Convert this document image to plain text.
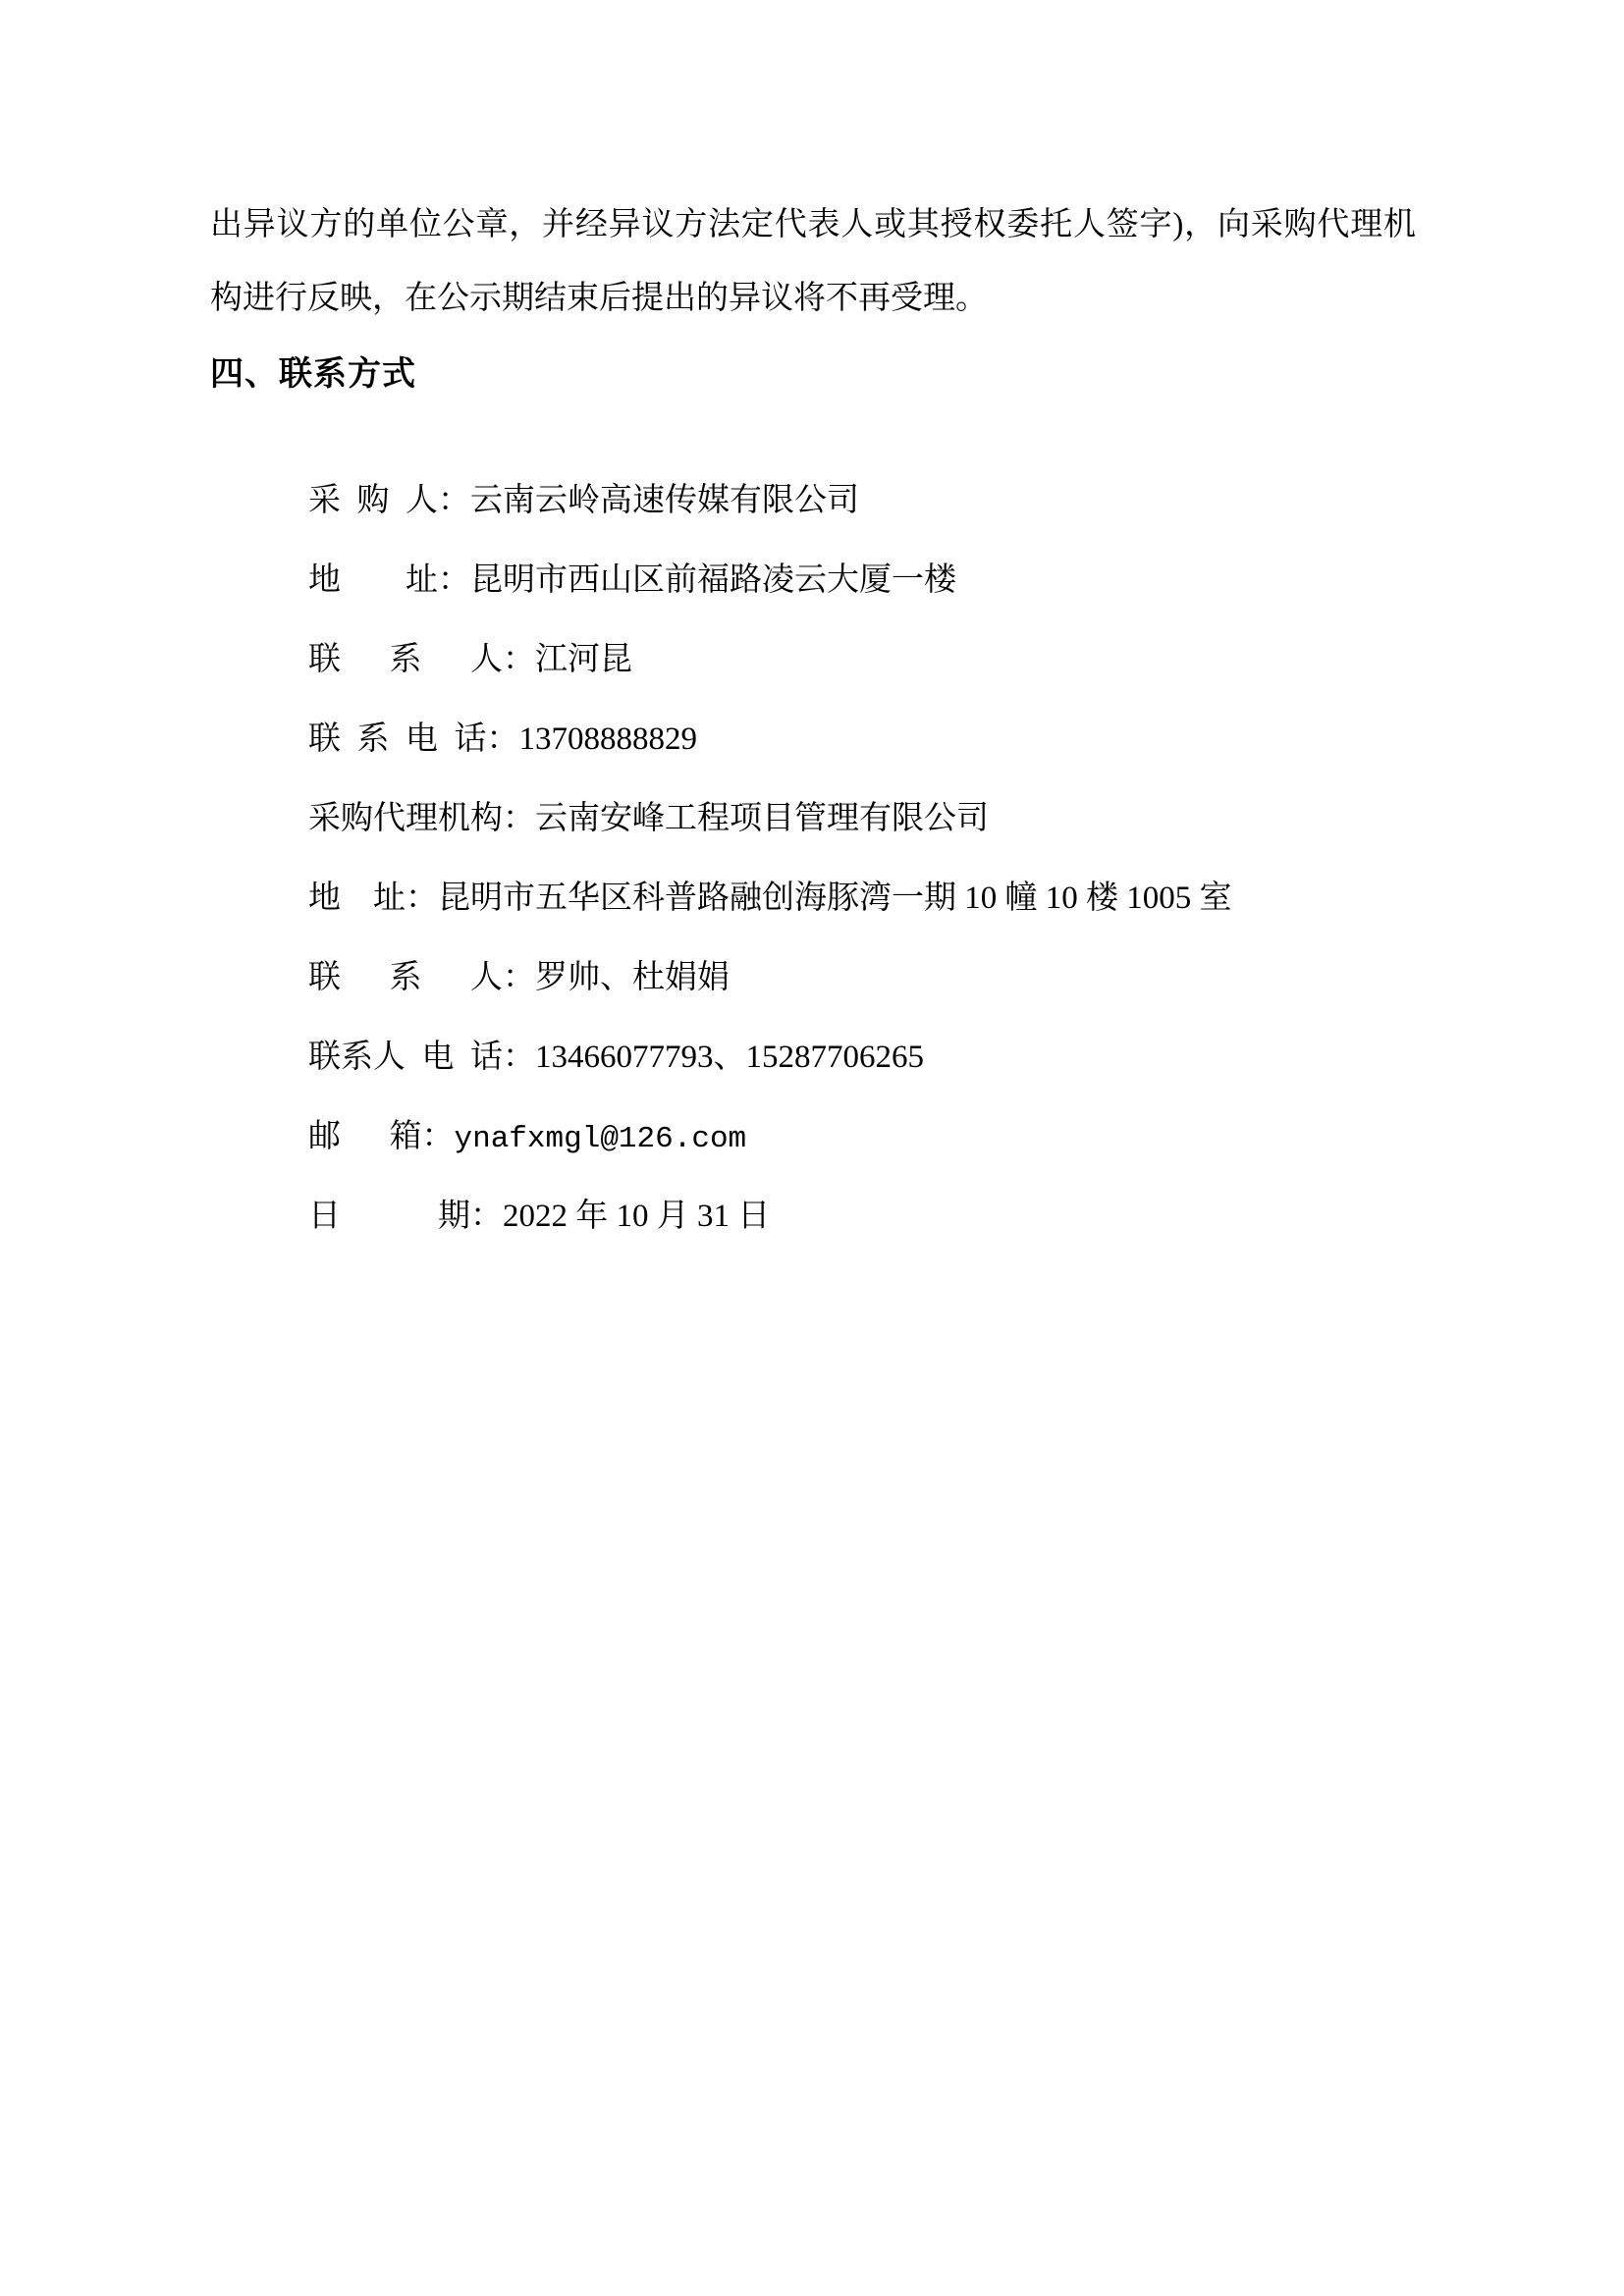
出异议方的单位公章，并经异议方法定代表人或其授权委托人签字)，向采购代理机

构进行反映，在公示期结束后提出的异议将不再受理。

四、联系方式

采 购 人：云南云岭高速传媒有限公司

地　　址：昆明市西山区前福路凌云大厦一楼

联　 系　 人：江河昆

联 系 电 话：13708888829

采购代理机构：云南安峰工程项目管理有限公司

地　址：昆明市五华区科普路融创海豚湾一期 10 幢 10 楼 1005 室

联　 系　 人：罗帅、杜娟娟

联系人 电 话：13466077793、15287706265

邮　 箱：ynafxmgl@126.com

日　　　期：2022 年 10 月 31 日
